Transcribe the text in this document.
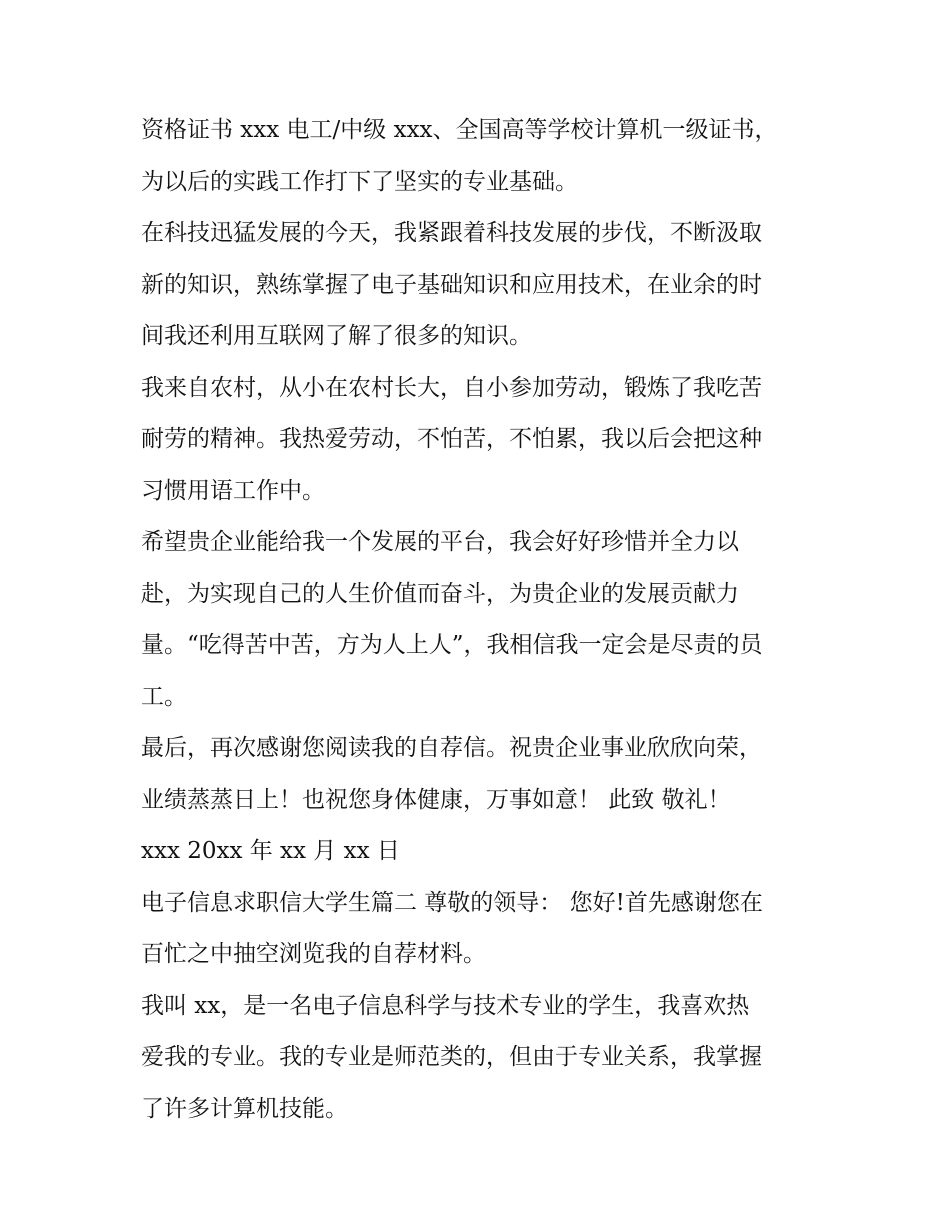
资格证书 xxx 电工/中级 xxx、全国高等学校计算机一级证书，
为以后的实践工作打下了坚实的专业基础。
在科技迅猛发展的今天，我紧跟着科技发展的步伐，不断汲取
新的知识，熟练掌握了电子基础知识和应用技术，在业余的时
间我还利用互联网了解了很多的知识。
我来自农村，从小在农村长大，自小参加劳动，锻炼了我吃苦
耐劳的精神。我热爱劳动，不怕苦，不怕累，我以后会把这种
习惯用语工作中。
希望贵企业能给我一个发展的平台，我会好好珍惜并全力以
赴，为实现自己的人生价值而奋斗，为贵企业的发展贡献力
量。“吃得苦中苦，方为人上人”，我相信我一定会是尽责的员
工。
最后，再次感谢您阅读我的自荐信。祝贵企业事业欣欣向荣，
业绩蒸蒸日上！也祝您身体健康，万事如意！ 此致 敬礼！
xxx 20xx 年 xx 月 xx 日
电子信息求职信大学生篇二 尊敬的领导： 您好!首先感谢您在
百忙之中抽空浏览我的自荐材料。
我叫 xx，是一名电子信息科学与技术专业的学生，我喜欢热
爱我的专业。我的专业是师范类的，但由于专业关系，我掌握
了许多计算机技能。
